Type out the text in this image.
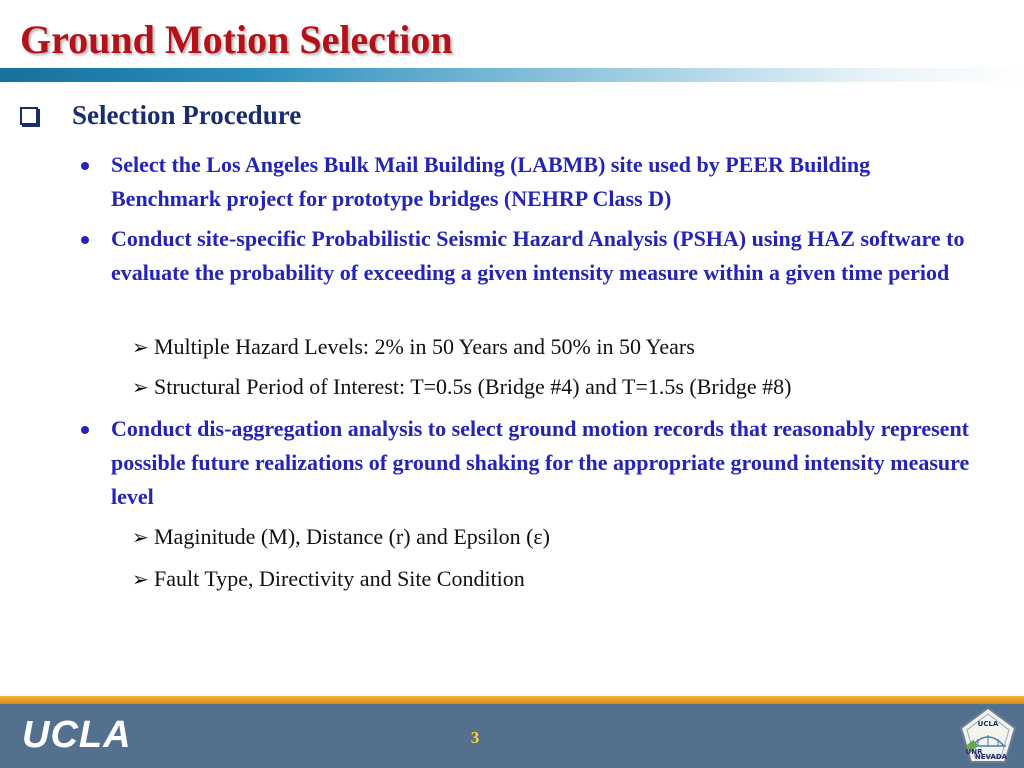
Ground Motion Selection
Selection Procedure
Select the Los Angeles Bulk Mail Building (LABMB) site used by PEER Building Benchmark project for prototype bridges (NEHRP Class D)
Conduct site-specific Probabilistic Seismic Hazard Analysis (PSHA) using HAZ software to evaluate the probability of exceeding a given intensity measure within a given time period
➢ Multiple Hazard Levels: 2% in 50 Years and 50% in 50 Years
➢ Structural Period of Interest: T=0.5s (Bridge #4) and T=1.5s (Bridge #8)
Conduct dis-aggregation analysis to select ground motion records that reasonably represent possible future realizations of ground shaking for the appropriate ground intensity measure level
➢ Maginitude (M), Distance (r) and Epsilon (ε)
➢ Fault Type, Directivity and Site Condition
UCLA	3
UCLA
UNR
NEVADA
